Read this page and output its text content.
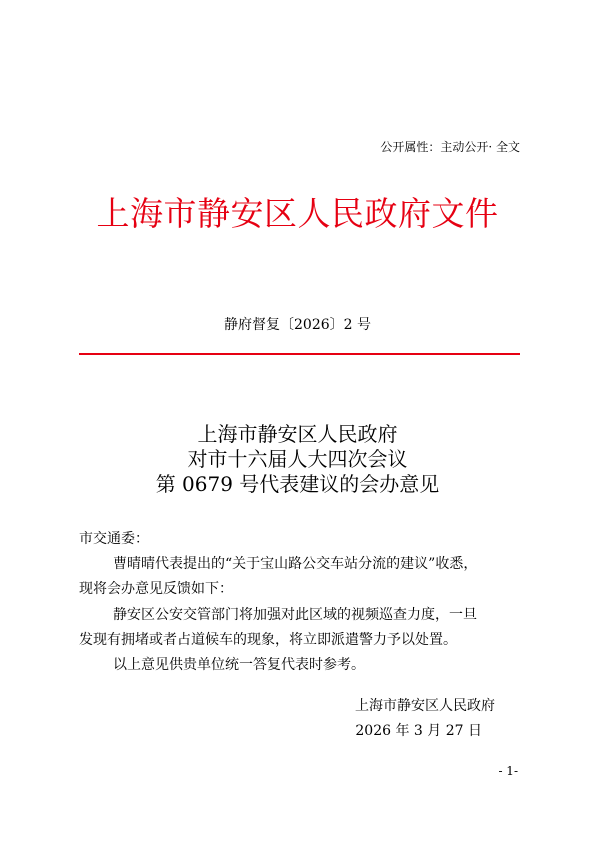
公开属性：主动公开· 全文
上海市静安区人民政府文件
静府督复〔2026〕2 号
上海市静安区人民政府
对市十六届人大四次会议
第 0679 号代表建议的会办意见
市交通委：
曹晴晴代表提出的“关于宝山路公交车站分流的建议”收悉，
现将会办意见反馈如下：
静安区公安交管部门将加强对此区域的视频巡查力度，一旦
发现有拥堵或者占道候车的现象，将立即派遣警力予以处置。
以上意见供贵单位统一答复代表时参考。
上海市静安区人民政府
2026 年 3 月 27 日
- 1-
